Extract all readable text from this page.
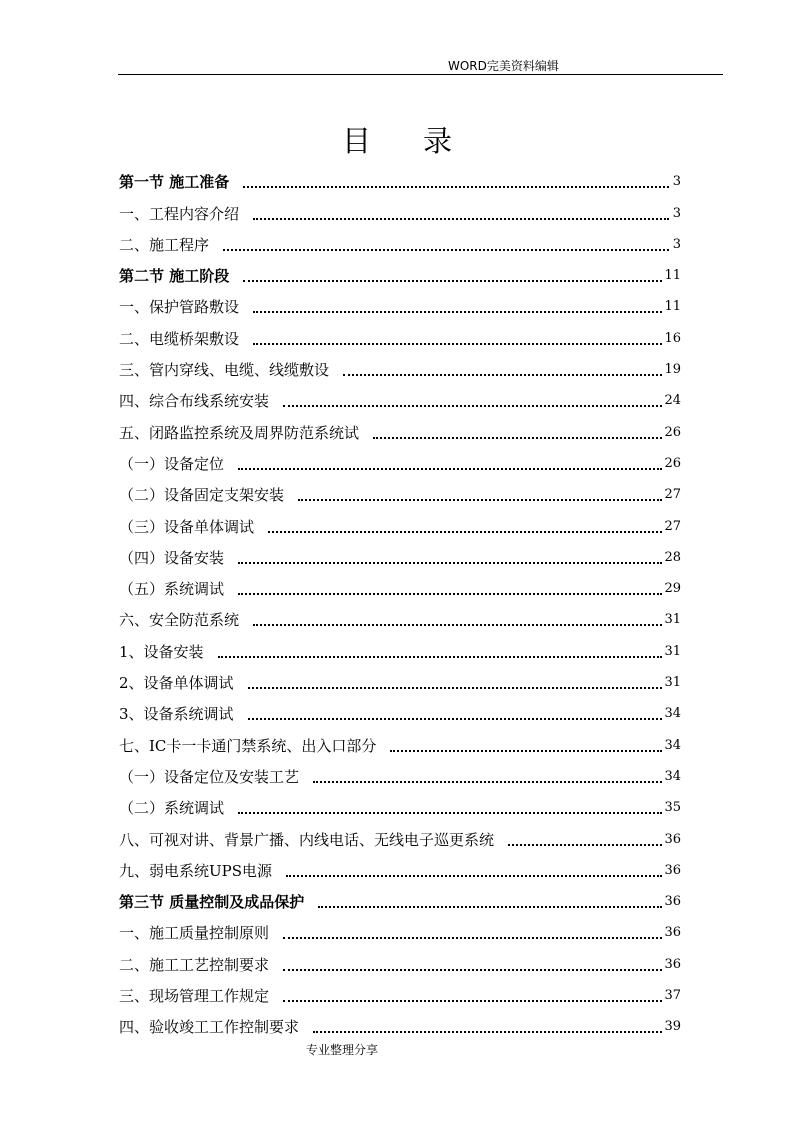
WORD完美资料编辑
目 录
第一节 施工准备	3
一、工程内容介绍	3
二、施工程序	3
第二节 施工阶段	11
一、保护管路敷设	11
二、电缆桥架敷设	16
三、管内穿线、电缆、线缆敷设	19
四、综合布线系统安装	24
五、闭路监控系统及周界防范系统试	26
（一）设备定位	26
（二）设备固定支架安装	27
（三）设备单体调试	27
（四）设备安装	28
（五）系统调试	29
六、安全防范系统	31
1、设备安装	31
2、设备单体调试	31
3、设备系统调试	34
七、IC卡一卡通门禁系统、出入口部分	34
（一）设备定位及安装工艺	34
（二）系统调试	35
八、可视对讲、背景广播、内线电话、无线电子巡更系统	36
九、弱电系统UPS电源	36
第三节 质量控制及成品保护	36
一、施工质量控制原则	36
二、施工工艺控制要求	36
三、现场管理工作规定	37
四、验收竣工工作控制要求	39
专业整理分享
